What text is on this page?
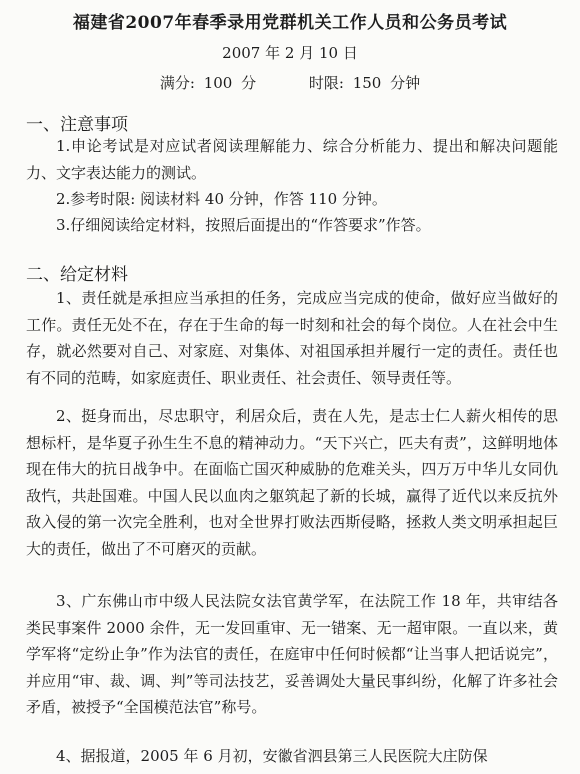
福建省2007年春季录用党群机关工作人员和公务员考试
2007 年 2 月 10 日
满分: 100 分	时限: 150 分钟
一、注意事项
1.申论考试是对应试者阅读理解能力、综合分析能力、提出和解决问题能力、文字表达能力的测试。
2.参考时限: 阅读材料 40 分钟，作答 110 分钟。
3.仔细阅读给定材料，按照后面提出的“作答要求”作答。
二、给定材料
1、责任就是承担应当承担的任务，完成应当完成的使命，做好应当做好的工作。责任无处不在，存在于生命的每一时刻和社会的每个岗位。人在社会中生存，就必然要对自己、对家庭、对集体、对祖国承担并履行一定的责任。责任也有不同的范畴，如家庭责任、职业责任、社会责任、领导责任等。
2、挺身而出，尽忠职守，利居众后，责在人先，是志士仁人薪火相传的思想标杆，是华夏子孙生生不息的精神动力。“天下兴亡，匹夫有责”，这鲜明地体现在伟大的抗日战争中。在面临亡国灭种威胁的危难关头，四万万中华儿女同仇敌忾，共赴国难。中国人民以血肉之躯筑起了新的长城，赢得了近代以来反抗外敌入侵的第一次完全胜利，也对全世界打败法西斯侵略，拯救人类文明承担起巨大的责任，做出了不可磨灭的贡献。
3、广东佛山市中级人民法院女法官黄学军，在法院工作 18 年，共审结各类民事案件 2000 余件，无一发回重审、无一错案、无一超审限。一直以来，黄学军将“定纷止争”作为法官的责任，在庭审中任何时候都“让当事人把话说完”，并应用“审、裁、调、判”等司法技艺，妥善调处大量民事纠纷，化解了许多社会矛盾，被授予“全国模范法官”称号。
4、据报道，2005 年 6 月初，安徽省泗县第三人民医院大庄防保
